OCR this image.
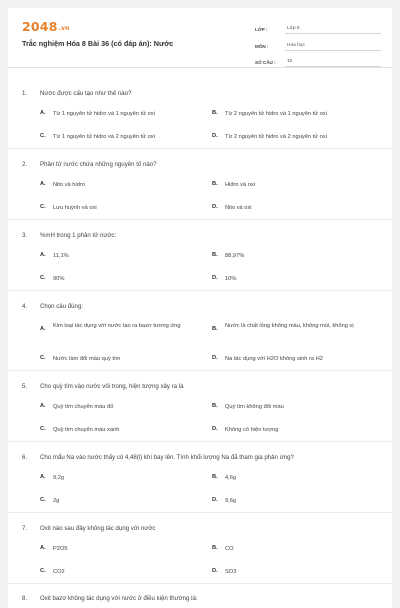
2048.vn
Trắc nghiệm Hóa 8 Bài 36 (có đáp án): Nước
LỚP :	Lớp 8
MÔN :	Hóa học
SỐ CÂU :	10
1. Nước được cấu tạo như thế nào?
A. Từ 1 nguyên tử hidro và 1 nguyên tử oxi	B. Từ 2 nguyên tử hidro và 1 nguyên tử oxi
C. Từ 1 nguyên tử hidro và 2 nguyên tử oxi	D. Từ 2 nguyên tử hidro và 2 nguyên tử oxi
2. Phân tử nước chứa những nguyên tố nào?
A. Nito và hidro	B. Hidro và oxi
C. Lưu huỳnh và oxi	D. Nito và oxi
3. %mH trong 1 phân tử nước:
A. 11,1%	B. 88,97%
C. 90%	D. 10%
4. Chọn câu đúng:
A. Kim loại tác dụng với nước tạo ra bazơ tương ứng	B. Nước là chất lỏng không màu, không mùi, không vị
C. Nước làm đổi màu quỳ tím	D. Na tác dụng với H2O không sinh ra H2
5. Cho quỳ tím vào nước vôi trong, hiện tượng xảy ra là
A. Quỳ tím chuyển màu đỏ	B. Quỳ tím không đổi màu
C. Quỳ tím chuyển màu xanh	D. Không có hiện tượng
6. Cho mẩu Na vào nước thấy có 4,48(l) khí bay lên. Tính khối lượng Na đã tham gia phản ứng?
A. 9,2g	B. 4,6g
C. 2g	D. 9,6g
7. Oxit nào sau đây không tác dụng với nước
A. P2O5	B. CO
C. CO2	D. SO3
8. Oxit bazơ không tác dụng với nước ở điều kiện thường là:
